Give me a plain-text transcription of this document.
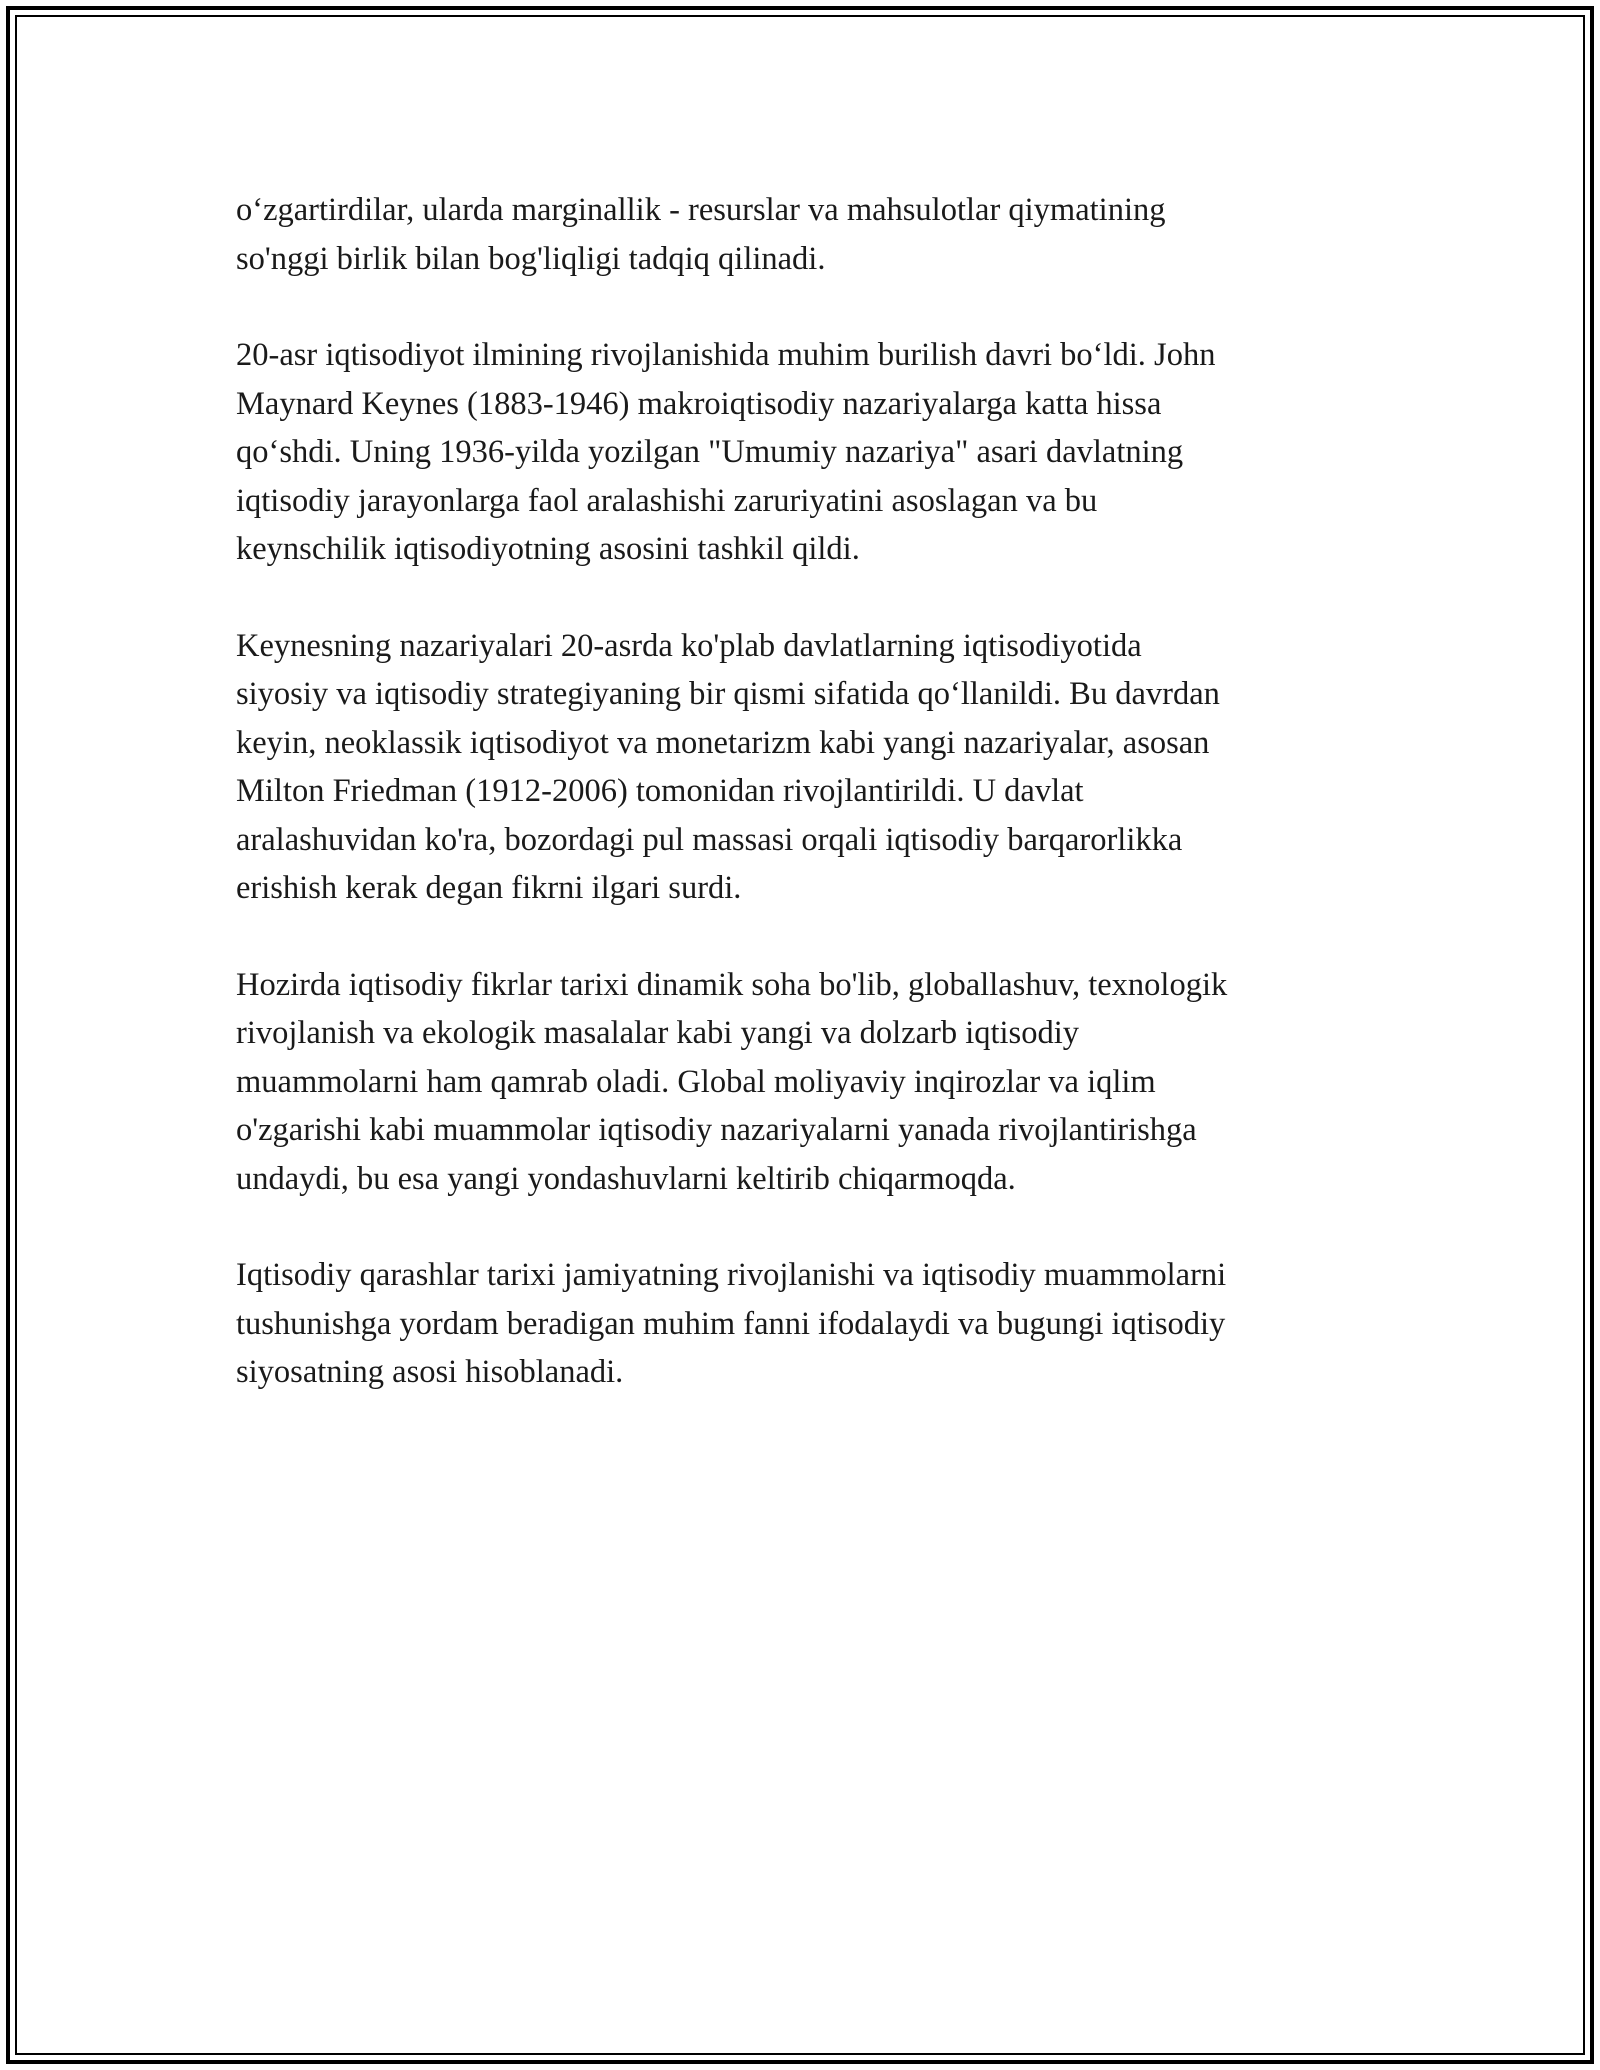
o‘zgartirdilar, ularda marginallik - resurslar va mahsulotlar qiymatining
so'nggi birlik bilan bog'liqligi tadqiq qilinadi.

20-asr iqtisodiyot ilmining rivojlanishida muhim burilish davri bo‘ldi. John
Maynard Keynes (1883-1946) makroiqtisodiy nazariyalarga katta hissa
qo‘shdi. Uning 1936-yilda yozilgan "Umumiy nazariya" asari davlatning
iqtisodiy jarayonlarga faol aralashishi zaruriyatini asoslagan va bu
keynschilik iqtisodiyotning asosini tashkil qildi.

Keynesning nazariyalari 20-asrda ko'plab davlatlarning iqtisodiyotida
siyosiy va iqtisodiy strategiyaning bir qismi sifatida qo‘llanildi. Bu davrdan
keyin, neoklassik iqtisodiyot va monetarizm kabi yangi nazariyalar, asosan
Milton Friedman (1912-2006) tomonidan rivojlantirildi. U davlat
aralashuvidan ko'ra, bozordagi pul massasi orqali iqtisodiy barqarorlikka
erishish kerak degan fikrni ilgari surdi.

Hozirda iqtisodiy fikrlar tarixi dinamik soha bo'lib, globallashuv, texnologik
rivojlanish va ekologik masalalar kabi yangi va dolzarb iqtisodiy
muammolarni ham qamrab oladi. Global moliyaviy inqirozlar va iqlim
o'zgarishi kabi muammolar iqtisodiy nazariyalarni yanada rivojlantirishga
undaydi, bu esa yangi yondashuvlarni keltirib chiqarmoqda.

Iqtisodiy qarashlar tarixi jamiyatning rivojlanishi va iqtisodiy muammolarni
tushunishga yordam beradigan muhim fanni ifodalaydi va bugungi iqtisodiy
siyosatning asosi hisoblanadi.
